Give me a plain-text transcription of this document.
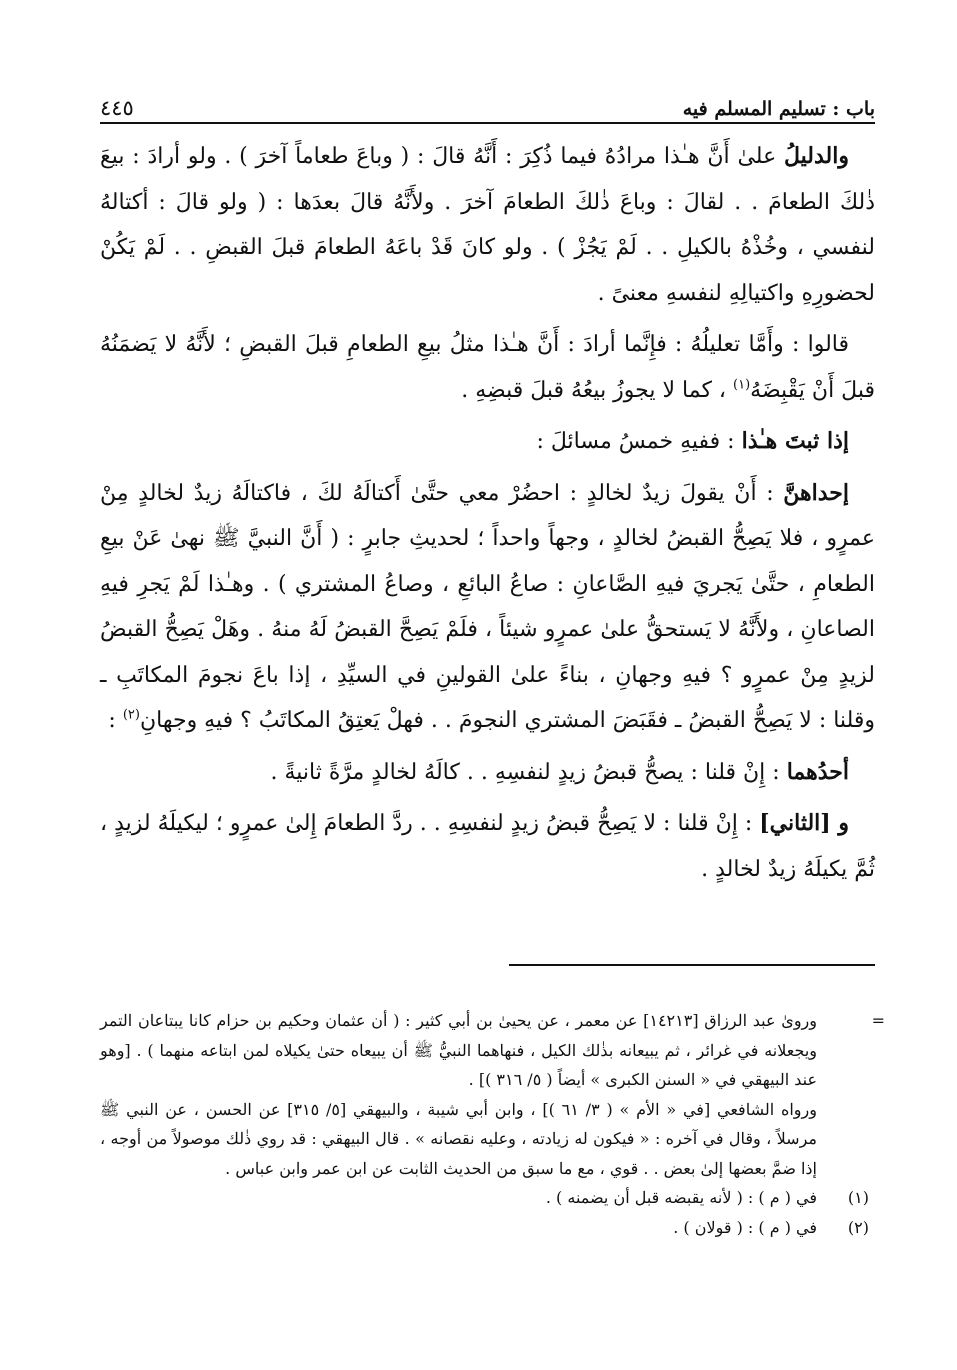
باب : تسليم المسلم فيه
٤٤٥

والدليلُ علىٰ أَنَّ هـٰذا مرادُهُ فيما ذُكِرَ : أَنَّهُ قالَ : ( وباعَ طعاماً آخرَ ) . ولو أرادَ : بيعَ ذٰلكَ الطعامَ . . لقالَ : وباعَ ذٰلكَ الطعامَ آخرَ . ولأَنَّهُ قالَ بعدَها : ( ولو قالَ : أكتالهُ لنفسي ، وخُذْهُ بالكيلِ . . لَمْ يَجُزْ ) . ولو كانَ قَدْ باعَهُ الطعامَ قبلَ القبضِ . . لَمْ يَكُنْ لحضورِهِ واكتيالِهِ لنفسهِ معنىً .

قالوا : وأَمَّا تعليلُهُ : فإِنَّما أرادَ : أَنَّ هـٰذا مثلُ بيعِ الطعامِ قبلَ القبضِ ؛ لأَنَّهُ لا يَضمَنُهُ قبلَ أَنْ يَقْبِضَهُ$^{(١)}$ ، كما لا يجوزُ بيعُهُ قبلَ قبضِهِ .

إذا ثبتَ هـٰذا : ففيهِ خمسُ مسائلَ :

إحداهنَّ : أَنْ يقولَ زيدٌ لخالدٍ : احضُرْ معي حتَّىٰ أَكتالَهُ لكَ ، فاكتالَهُ زيدٌ لخالدٍ مِنْ عمرٍو ، فلا يَصِحُّ القبضُ لخالدٍ ، وجهاً واحداً ؛ لحديثِ جابرٍ : ( أَنَّ النبيَّ ﷺ نهىٰ عَنْ بيعِ الطعامِ ، حتَّىٰ يَجريَ فيهِ الصَّاعانِ : صاعُ البائعِ ، وصاعُ المشتري ) . وهـٰذا لَمْ يَجرِ فيهِ الصاعانِ ، ولأَنَّهُ لا يَستحقُّ علىٰ عمرٍو شيئاً ، فلَمْ يَصِحَّ القبضُ لَهُ منهُ . وهَلْ يَصِحُّ القبضُ لزيدٍ مِنْ عمرٍو ؟ فيهِ وجهانِ ، بناءً علىٰ القولينِ في السيِّدِ ، إذا باعَ نجومَ المكاتَبِ ـ وقلنا : لا يَصِحُّ القبضُ ـ فقَبَضَ المشتري النجومَ . . فهلْ يَعتِقُ المكاتَبُ ؟ فيهِ وجهانِ$^{(٢)}$ :

أحدُهما : إِنْ قلنا : يصحُّ قبضُ زيدٍ لنفسِهِ . . كالَهُ لخالدٍ مرَّةً ثانيةً .

و [الثاني] : إِنْ قلنا : لا يَصِحُّ قبضُ زيدٍ لنفسِهِ . . ردَّ الطعامَ إِلىٰ عمرٍو ؛ ليكيلَهُ لزيدٍ ، ثُمَّ يكيلَهُ زيدٌ لخالدٍ .

=

ورویٰ عبد الرزاق [١٤٢١٣] عن معمر ، عن يحيىٰ بن أبي كثير : ( أن عثمان وحكيم بن حزام كانا يبتاعان التمر ويجعلانه في غرائر ، ثم يبيعانه بذٰلك الكيل ، فنهاهما النبيُّ ﷺ أن يبيعاه حتىٰ يكيلاه لمن ابتاعه منهما ) . [وهو عند البيهقي في « السنن الكبرى » أيضاً ( ٥/ ٣١٦ )] .

ورواه الشافعي [في « الأم » ( ٣/ ٦١ )] ، وابن أبي شيبة ، والبيهقي [٥/ ٣١٥] عن الحسن ، عن النبي ﷺ مرسلاً ، وقال في آخره : « فيكون له زيادته ، وعليه نقصانه » . قال البيهقي : قد روي ذٰلك موصولاً من أوجه ، إذا ضمَّ بعضها إلىٰ بعض . . قوي ، مع ما سبق من الحديث الثابت عن ابن عمر وابن عباس .

(١)
في ( م ) : ( لأنه يقبضه قبل أن يضمنه ) .

(٢)
في ( م ) : ( قولان ) .
